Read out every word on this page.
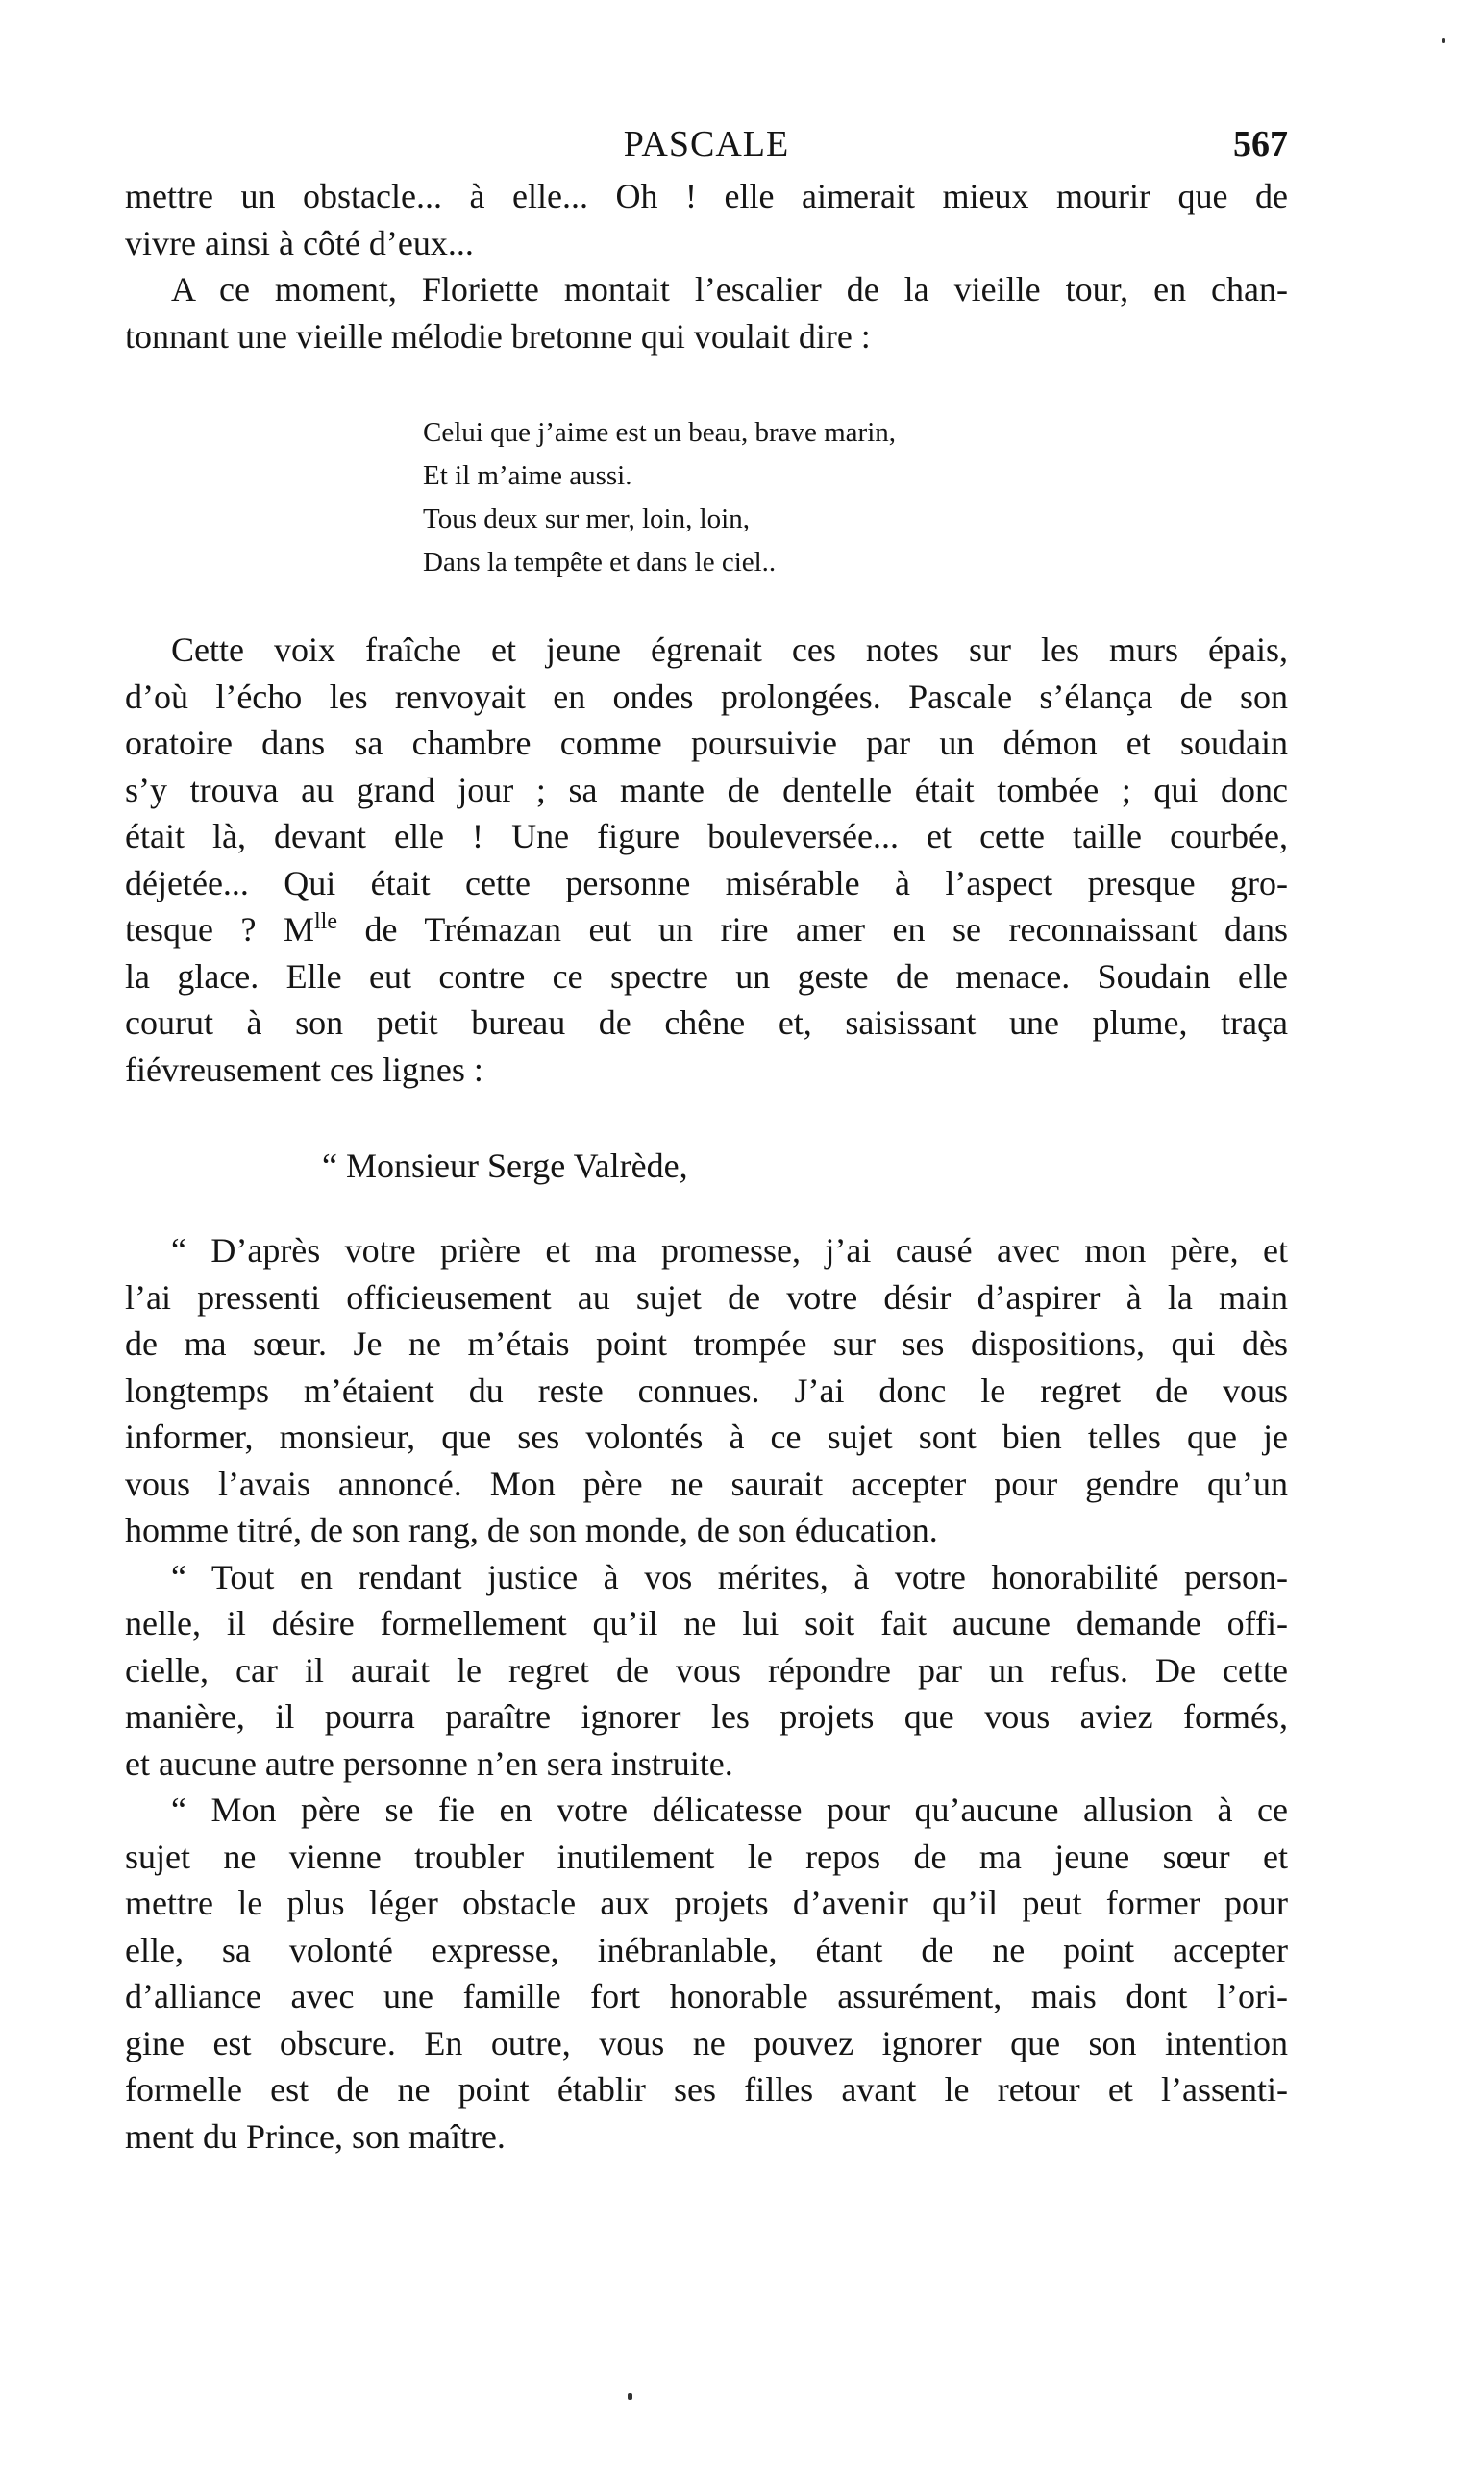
PASCALE	567

mettre un obstacle... à elle... Oh ! elle aimerait mieux mourir que de
vivre ainsi à côté d’eux...

A ce moment, Floriette montait l’escalier de la vieille tour, en chan-
tonnant une vieille mélodie bretonne qui voulait dire :

Celui que j’aime est un beau, brave marin,
Et il m’aime aussi.
Tous deux sur mer, loin, loin,
Dans la tempête et dans le ciel..

Cette voix fraîche et jeune égrenait ces notes sur les murs épais,
d’où l’écho les renvoyait en ondes prolongées. Pascale s’élança de son
oratoire dans sa chambre comme poursuivie par un démon et soudain
s’y trouva au grand jour ; sa mante de dentelle était tombée ; qui donc
était là, devant elle ! Une figure bouleversée... et cette taille courbée,
déjetée... Qui était cette personne misérable à l’aspect presque gro-
tesque ? $M^{lle}$ de Trémazan eut un rire amer en se reconnaissant dans
la glace. Elle eut contre ce spectre un geste de menace. Soudain elle
courut à son petit bureau de chêne et, saisissant une plume, traça
fiévreusement ces lignes :

“ Monsieur Serge Valrède,

“ D’après votre prière et ma promesse, j’ai causé avec mon père, et
l’ai pressenti officieusement au sujet de votre désir d’aspirer à la main
de ma sœur. Je ne m’étais point trompée sur ses dispositions, qui dès
longtemps m’étaient du reste connues. J’ai donc le regret de vous
informer, monsieur, que ses volontés à ce sujet sont bien telles que je
vous l’avais annoncé. Mon père ne saurait accepter pour gendre qu’un
homme titré, de son rang, de son monde, de son éducation.

“ Tout en rendant justice à vos mérites, à votre honorabilité person-
nelle, il désire formellement qu’il ne lui soit fait aucune demande offi-
cielle, car il aurait le regret de vous répondre par un refus. De cette
manière, il pourra paraître ignorer les projets que vous aviez formés,
et aucune autre personne n’en sera instruite.

“ Mon père se fie en votre délicatesse pour qu’aucune allusion à ce
sujet ne vienne troubler inutilement le repos de ma jeune sœur et
mettre le plus léger obstacle aux projets d’avenir qu’il peut former pour
elle, sa volonté expresse, inébranlable, étant de ne point accepter
d’alliance avec une famille fort honorable assurément, mais dont l’ori-
gine est obscure. En outre, vous ne pouvez ignorer que son intention
formelle est de ne point établir ses filles avant le retour et l’assenti-
ment du Prince, son maître.
